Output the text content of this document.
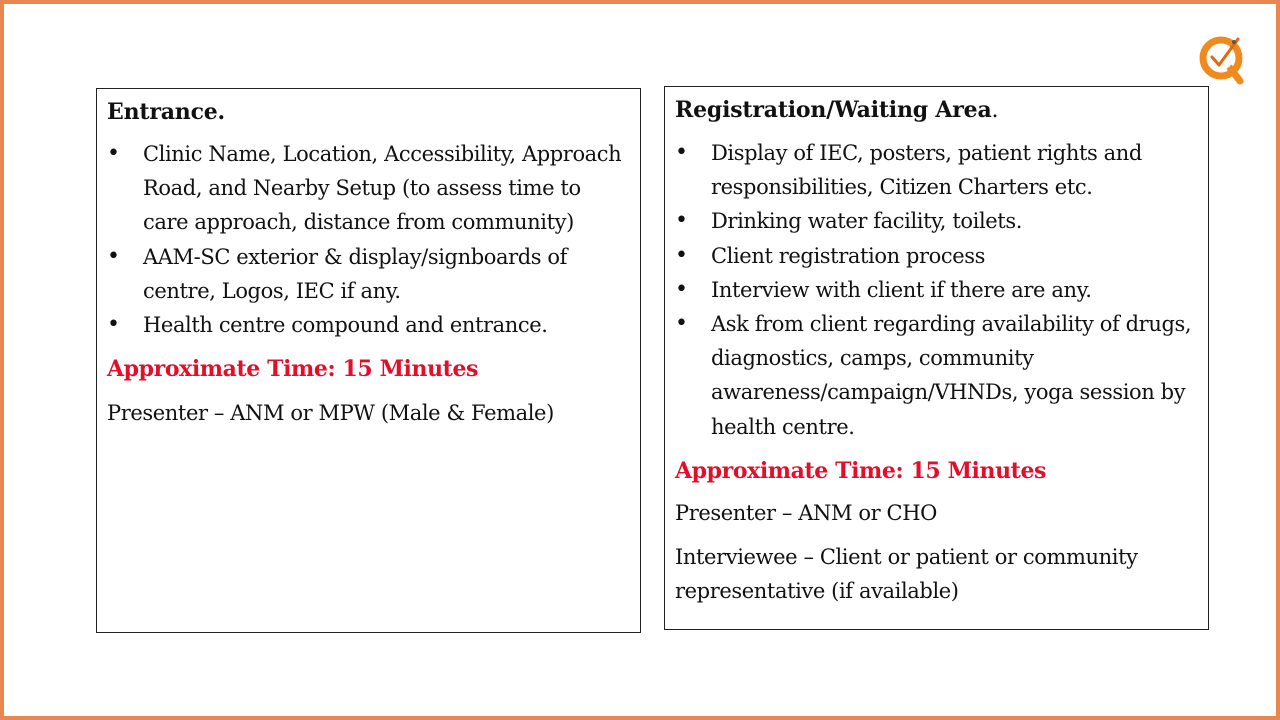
Entrance.
• Clinic Name, Location, Accessibility, Approach Road, and Nearby Setup (to assess time to care approach, distance from community)
• AAM-SC exterior & display/signboards of centre, Logos, IEC if any.
• Health centre compound and entrance.
Approximate Time: 15 Minutes
Presenter – ANM or MPW (Male & Female)
Registration/Waiting Area.
• Display of IEC, posters, patient rights and responsibilities, Citizen Charters etc.
• Drinking water facility, toilets.
• Client registration process
• Interview with client if there are any.
• Ask from client regarding availability of drugs, diagnostics, camps, community awareness/campaign/VHNDs, yoga session by health centre.
Approximate Time: 15 Minutes
Presenter – ANM or CHO
Interviewee – Client or patient or community representative (if available)
